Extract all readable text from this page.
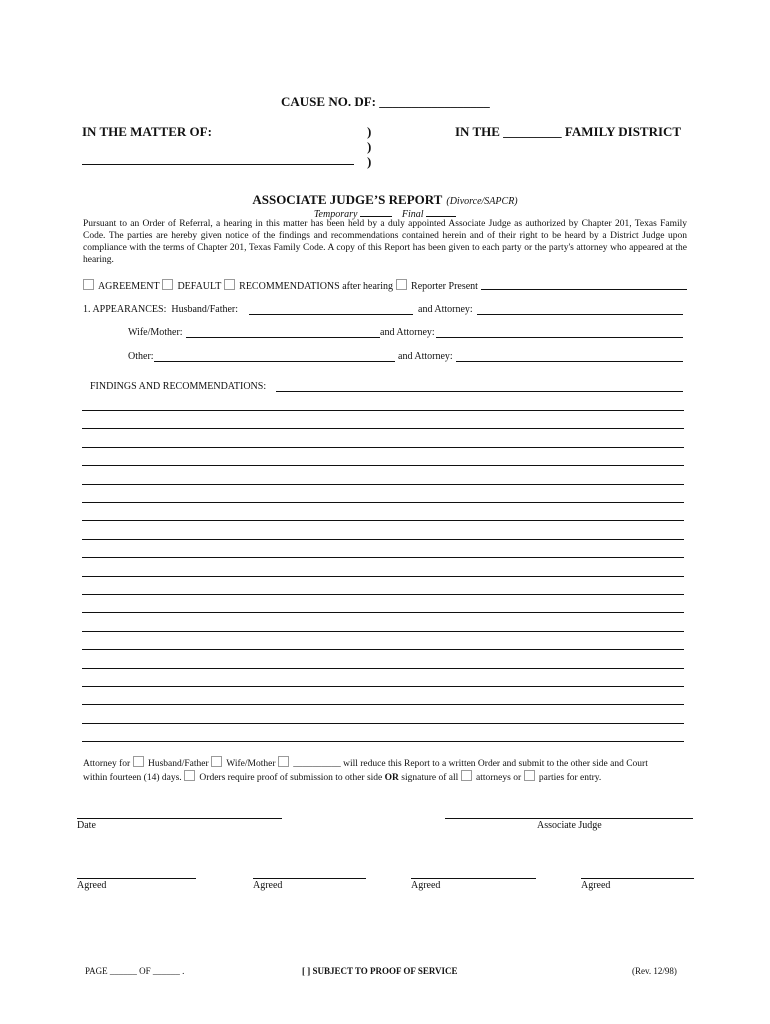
CAUSE NO. DF: _________________
IN THE MATTER OF:	)
)
)
IN THE _________ FAMILY DISTRICT
ASSOCIATE JUDGE’S REPORT (Divorce/SAPCR)
Temporary	Final
Pursuant to an Order of Referral, a hearing in this matter has been held by a duly appointed Associate Judge as authorized by Chapter 201, Texas Family Code. The parties are hereby given notice of the findings and recommendations contained herein and of their right to be heard by a District Judge upon compliance with the terms of Chapter 201, Texas Family Code. A copy of this Report has been given to each party or the party's attorney who appeared at the hearing.
AGREEMENT DEFAULT RECOMMENDATIONS after hearing Reporter Present
1. APPEARANCES: Husband/Father:	and Attorney:
Wife/Mother:	and Attorney:
Other:	and Attorney:
FINDINGS AND RECOMMENDATIONS:
Attorney for Husband/Father Wife/Mother __________ will reduce this Report to a written Order and submit to the other side and Court
within fourteen (14) days. Orders require proof of submission to other side OR signature of all attorneys or parties for entry.
Date	Associate Judge
Agreed	Agreed	Agreed	Agreed
PAGE ______ OF ______ .	[ ] SUBJECT TO PROOF OF SERVICE	(Rev. 12/98)
